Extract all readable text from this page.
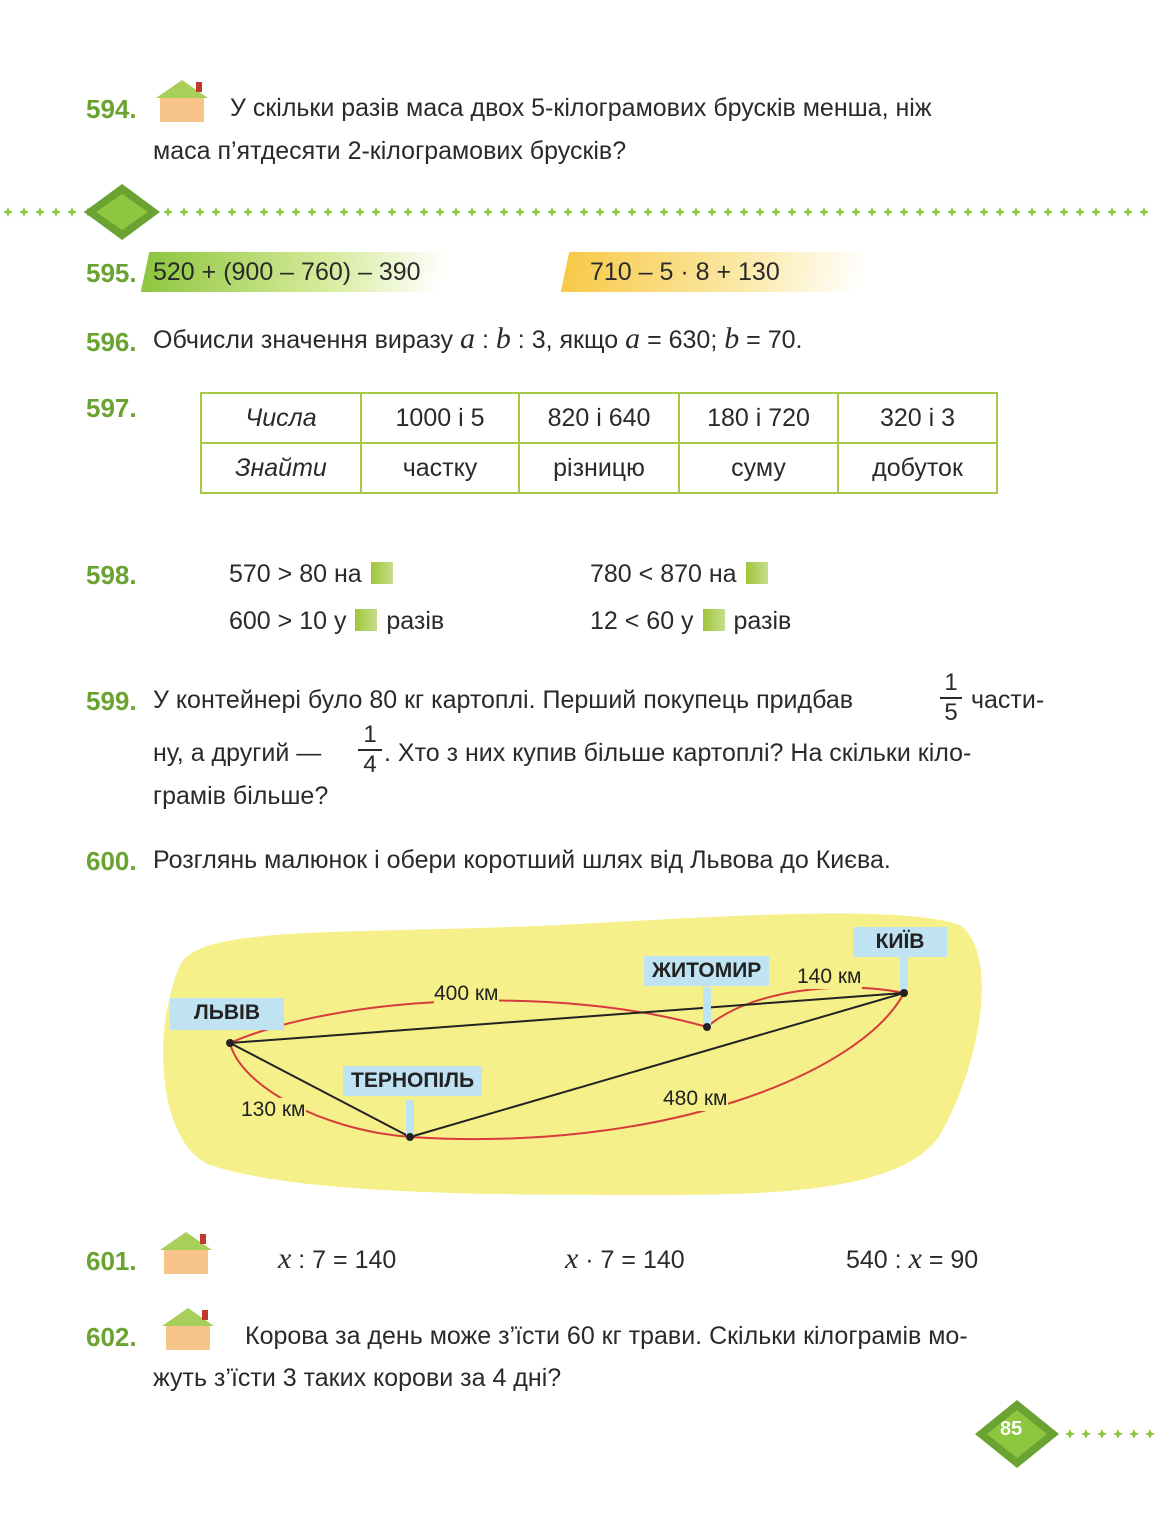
594.	У скільки разів маса двох 5-кілограмових брусків менша, ніж
маса п’ятдесяти 2-кілограмових брусків?
595. 520 + (900 – 760) – 390	710 – 5 · 8 + 130
596. Обчисли значення виразу a : b : 3, якщо a = 630; b = 70.
597.	Числа	1000 і 5	820 і 640	180 і 720	320 і 3
Знайти	частку	різницю	суму	добуток
598.	570 > 80 на	780 < 870 на
600 > 10 у разів	12 < 60 у разів
599. У контейнері було 80 кг картоплі. Перший покупець придбав
1
5 части-
ну, а другий —
1
4 . Хто з них купив більше картоплі? На скільки кіло-
грамів більше?
600. Розглянь малюнок і обери коротший шлях від Львова до Києва.
ЛЬВІВ
ТЕРНОПІЛЬ
ЖИТОМИР
КИЇВ
400 км
140 км
130 км	480 км
601.	x : 7 = 140	x · 7 = 140	540 : x = 90
602.	Корова за день може з’їсти 60 кг трави. Скільки кілограмів мо-
жуть з’їсти 3 таких корови за 4 дні?
85
